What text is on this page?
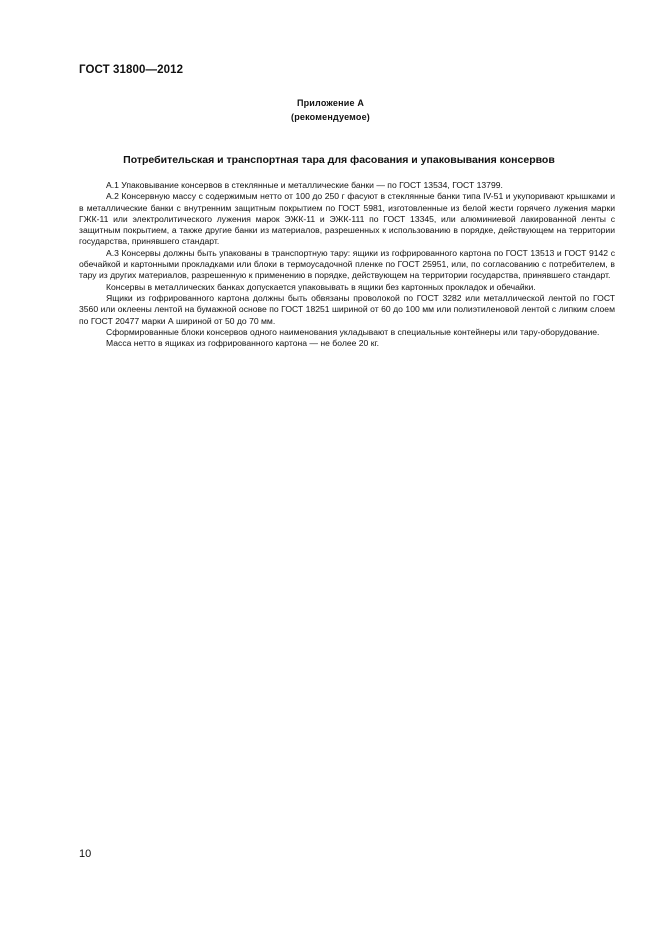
ГОСТ 31800—2012
Приложение А
(рекомендуемое)
Потребительская и транспортная тара для фасования и упаковывания консервов

А.1 Упаковывание консервов в стеклянные и металлические банки — по ГОСТ 13534, ГОСТ 13799.

А.2 Консервную массу с содержимым нетто от 100 до 250 г фасуют в стеклянные банки типа IV-51 и укупоривают крышками и в металлические банки с внутренним защитным покрытием по ГОСТ 5981, изготовленные из белой жести горячего лужения марки ГЖК-11 или электролитического лужения марок ЭЖК-11 и ЭЖК-111 по ГОСТ 13345, или алюминиевой лакированной ленты с защитным покрытием, а также другие банки из материалов, разрешенных к использованию в порядке, действующем на территории государства, принявшего стандарт.

А.3 Консервы должны быть упакованы в транспортную тару: ящики из гофрированного картона по ГОСТ 13513 и ГОСТ 9142 с обечайкой и картонными прокладками или блоки в термоусадочной пленке по ГОСТ 25951, или, по согласованию с потребителем, в тару из других материалов, разрешенную к применению в порядке, действующем на территории государства, принявшего стандарт.

Консервы в металлических банках допускается упаковывать в ящики без картонных прокладок и обечайки.

Ящики из гофрированного картона должны быть обвязаны проволокой по ГОСТ 3282 или металлической лентой по ГОСТ 3560 или оклеены лентой на бумажной основе по ГОСТ 18251 шириной от 60 до 100 мм или полиэтиленовой лентой с липким слоем по ГОСТ 20477 марки А шириной от 50 до 70 мм.

Сформированные блоки консервов одного наименования укладывают в специальные контейнеры или тару-оборудование.

Масса нетто в ящиках из гофрированного картона — не более 20 кг.

10
